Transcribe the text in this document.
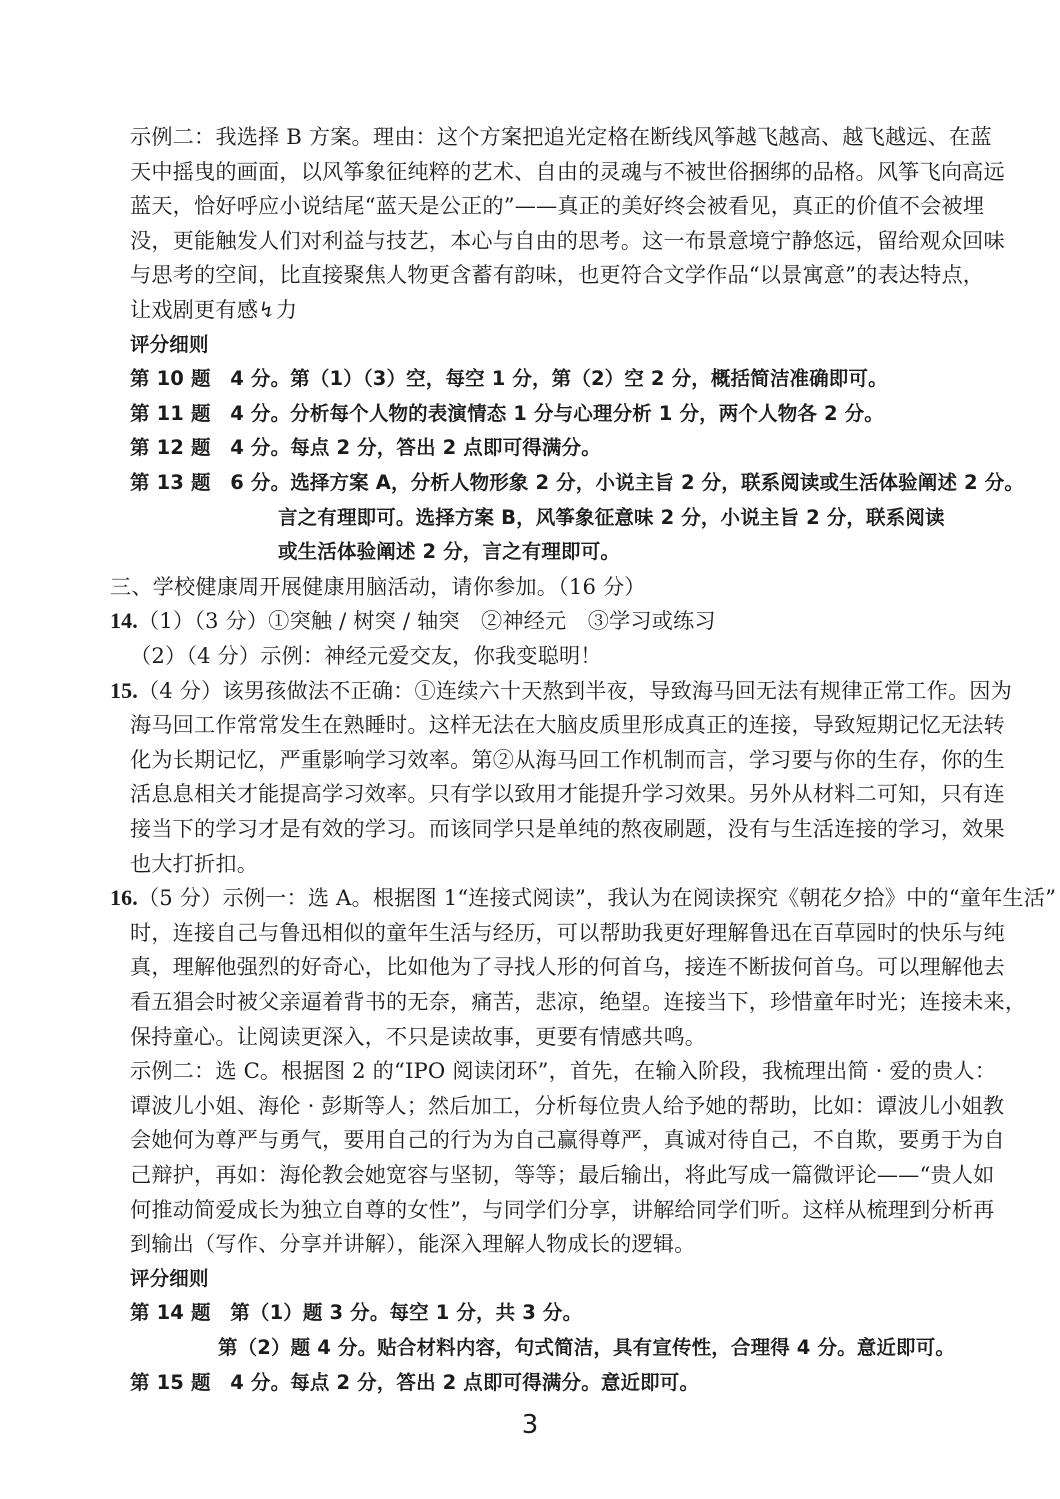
示例二：我选择 B 方案。理由：这个方案把追光定格在断线风筝越飞越高、越飞越远、在蓝
天中摇曳的画面，以风筝象征纯粹的艺术、自由的灵魂与不被世俗捆绑的品格。风筝飞向高远
蓝天，恰好呼应小说结尾“蓝天是公正的”——真正的美好终会被看见，真正的价值不会被埋
没，更能触发人们对利益与技艺，本心与自由的思考。这一布景意境宁静悠远，留给观众回味
与思考的空间，比直接聚焦人物更含蓄有韵味，也更符合文学作品“以景寓意”的表达特点，
让戏剧更有感↯力
评分细则
第 10 题　4 分。第（1）（3）空，每空 1 分，第（2）空 2 分，概括简洁准确即可。
第 11 题　4 分。分析每个人物的表演情态 1 分与心理分析 1 分，两个人物各 2 分。
第 12 题　4 分。每点 2 分，答出 2 点即可得满分。
第 13 题　6 分。选择方案 A，分析人物形象 2 分，小说主旨 2 分，联系阅读或生活体验阐述 2 分。
言之有理即可。选择方案 B，风筝象征意味 2 分，小说主旨 2 分，联系阅读
或生活体验阐述 2 分，言之有理即可。
三、学校健康周开展健康用脑活动，请你参加。（16 分）
14.（1）（3 分）①突触 / 树突 / 轴突　②神经元　③学习或练习
（2）（4 分）示例：神经元爱交友，你我变聪明！
15.（4 分）该男孩做法不正确：①连续六十天熬到半夜，导致海马回无法有规律正常工作。因为
海马回工作常常发生在熟睡时。这样无法在大脑皮质里形成真正的连接，导致短期记忆无法转
化为长期记忆，严重影响学习效率。第②从海马回工作机制而言，学习要与你的生存，你的生
活息息相关才能提高学习效率。只有学以致用才能提升学习效果。另外从材料二可知，只有连
接当下的学习才是有效的学习。而该同学只是单纯的熬夜刷题，没有与生活连接的学习，效果
也大打折扣。
16.（5 分）示例一：选 A。根据图 1“连接式阅读”，我认为在阅读探究《朝花夕拾》中的“童年生活”
时，连接自己与鲁迅相似的童年生活与经历，可以帮助我更好理解鲁迅在百草园时的快乐与纯
真，理解他强烈的好奇心，比如他为了寻找人形的何首乌，接连不断拔何首乌。可以理解他去
看五猖会时被父亲逼着背书的无奈，痛苦，悲凉，绝望。连接当下，珍惜童年时光；连接未来，
保持童心。让阅读更深入，不只是读故事，更要有情感共鸣。
示例二：选 C。根据图 2 的“IPO 阅读闭环”，首先，在输入阶段，我梳理出简 · 爱的贵人：
谭波儿小姐、海伦 · 彭斯等人；然后加工，分析每位贵人给予她的帮助，比如：谭波儿小姐教
会她何为尊严与勇气，要用自己的行为为自己赢得尊严，真诚对待自己，不自欺，要勇于为自
己辩护，再如：海伦教会她宽容与坚韧，等等；最后输出，将此写成一篇微评论——“贵人如
何推动简爱成长为独立自尊的女性”，与同学们分享，讲解给同学们听。这样从梳理到分析再
到输出（写作、分享并讲解），能深入理解人物成长的逻辑。
评分细则
第 14 题　第（1）题 3 分。每空 1 分，共 3 分。
第（2）题 4 分。贴合材料内容，句式简洁，具有宣传性，合理得 4 分。意近即可。
第 15 题　4 分。每点 2 分，答出 2 点即可得满分。意近即可。
3
